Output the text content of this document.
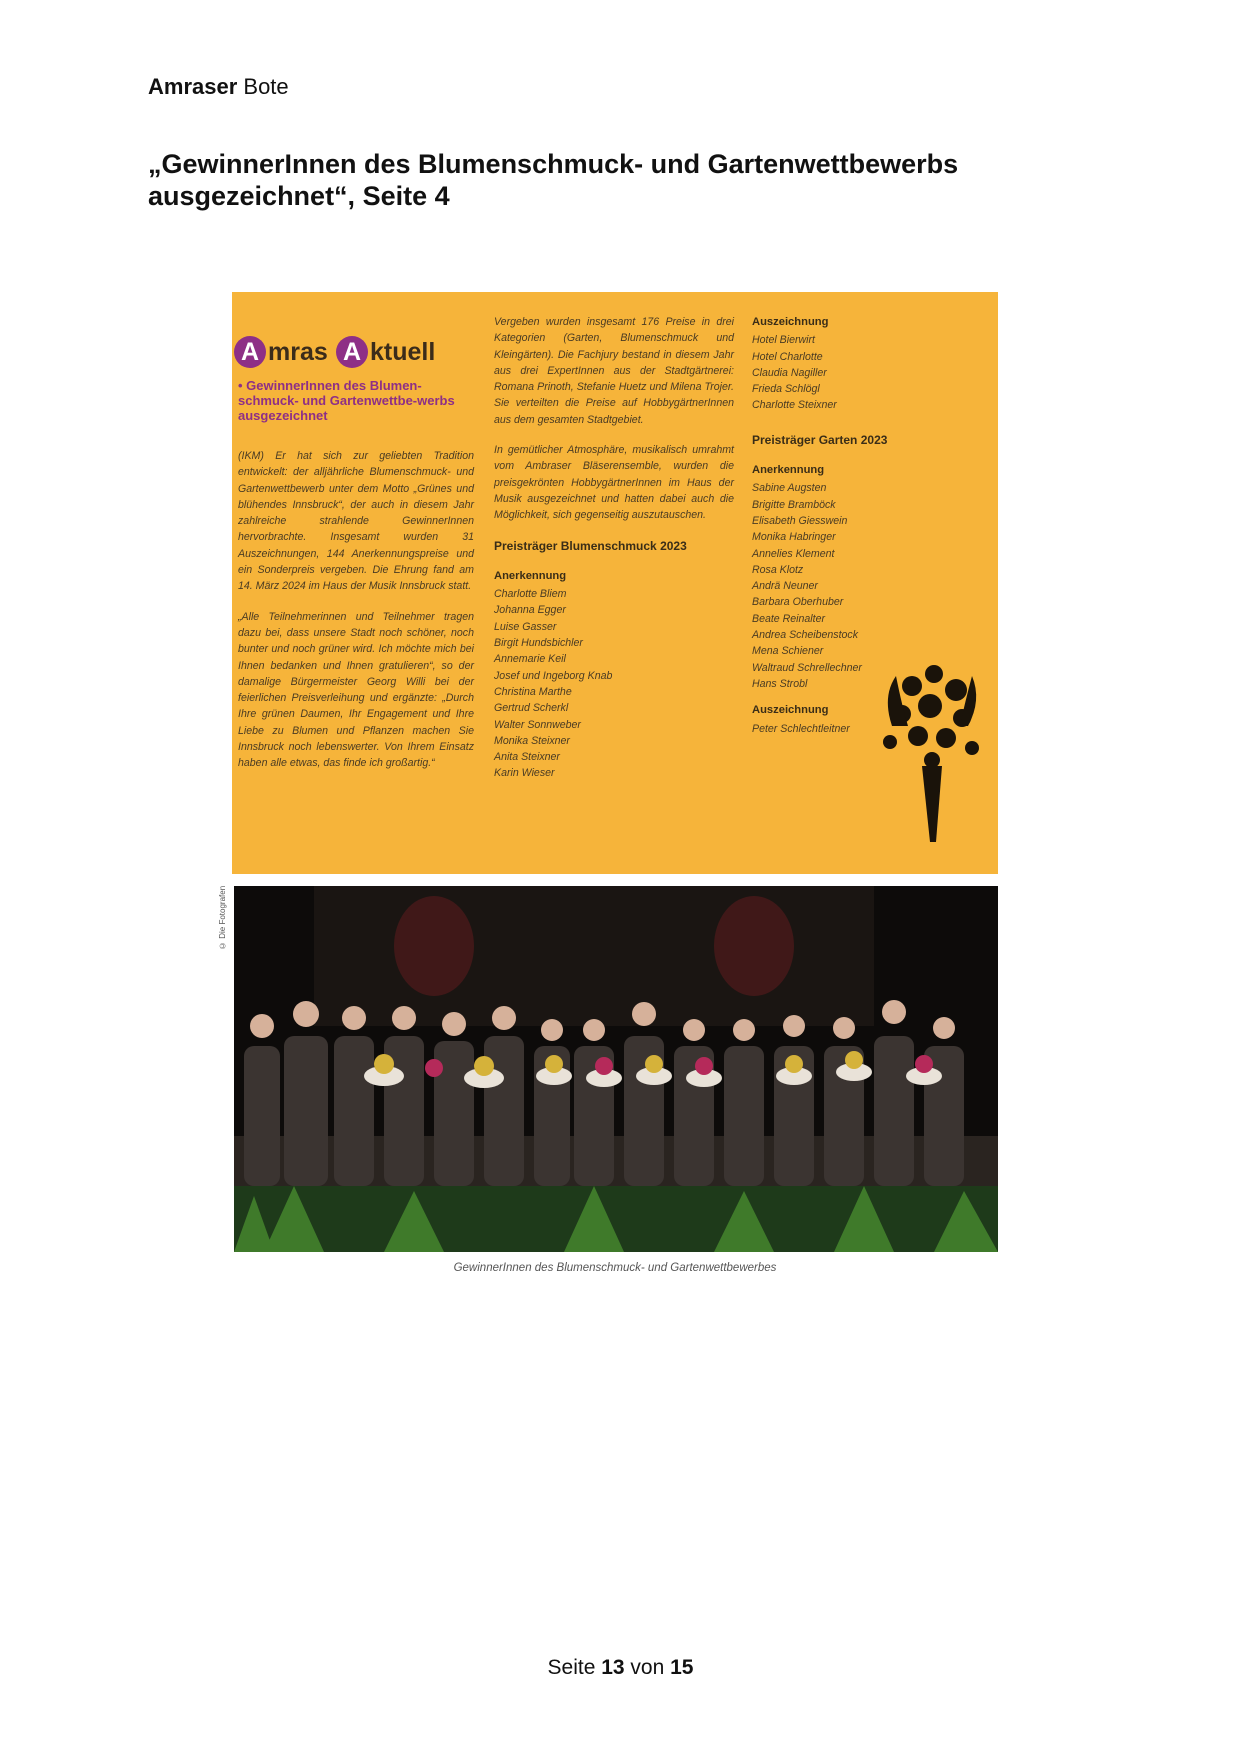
Amraser Bote
„GewinnerInnen des Blumenschmuck- und Gartenwettbewerbs ausgezeichnet“, Seite 4
A mras A ktuell
• GewinnerInnen des Blumen-schmuck- und Gartenwettbe-werbs ausgezeichnet

(IKM) Er hat sich zur geliebten Tradition entwickelt: der alljährliche Blumenschmuck- und Gartenwettbewerb unter dem Motto „Grünes und blühendes Innsbruck“, der auch in diesem Jahr zahlreiche strahlende GewinnerInnen hervorbrachte. Insgesamt wurden 31 Auszeichnungen, 144 Anerkennungspreise und ein Sonderpreis vergeben. Die Ehrung fand am 14. März 2024 im Haus der Musik Innsbruck statt.

„Alle Teilnehmerinnen und Teilnehmer tragen dazu bei, dass unsere Stadt noch schöner, noch bunter und noch grüner wird. Ich möchte mich bei Ihnen bedanken und Ihnen gratulieren“, so der damalige Bürgermeister Georg Willi bei der feierlichen Preisverleihung und ergänzte: „Durch Ihre grünen Daumen, Ihr Engagement und Ihre Liebe zu Blumen und Pflanzen machen Sie Innsbruck noch lebenswerter. Von Ihrem Einsatz haben alle etwas, das finde ich großartig.“

Vergeben wurden insgesamt 176 Preise in drei Kategorien (Garten, Blumenschmuck und Kleingärten). Die Fachjury bestand in diesem Jahr aus drei ExpertInnen aus der Stadtgärtnerei: Romana Prinoth, Stefanie Huetz und Milena Trojer. Sie verteilten die Preise auf HobbygärtnerInnen aus dem gesamten Stadtgebiet.

In gemütlicher Atmosphäre, musikalisch umrahmt vom Ambraser Bläserensemble, wurden die preisgekrönten HobbygärtnerInnen im Haus der Musik ausgezeichnet und hatten dabei auch die Möglichkeit, sich gegenseitig auszutauschen.

Preisträger Blumenschmuck 2023
Anerkennung
Charlotte Bliem
Johanna Egger
Luise Gasser
Birgit Hundsbichler
Annemarie Keil
Josef und Ingeborg Knab
Christina Marthe
Gertrud Scherkl
Walter Sonnweber
Monika Steixner
Anita Steixner
Karin Wieser
Auszeichnung
Hotel Bierwirt
Hotel Charlotte
Claudia Nagiller
Frieda Schlögl
Charlotte Steixner
Preisträger Garten 2023
Anerkennung
Sabine Augsten
Brigitte Bramböck
Elisabeth Giesswein
Monika Habringer
Annelies Klement
Rosa Klotz
Andrä Neuner
Barbara Oberhuber
Beate Reinalter
Andrea Scheibenstock
Mena Schiener
Waltraud Schrellechner
Hans Strobl
Auszeichnung
Peter Schlechtleitner
© Die Fotografen
GewinnerInnen des Blumenschmuck- und Gartenwettbewerbes
Seite 13 von 15
